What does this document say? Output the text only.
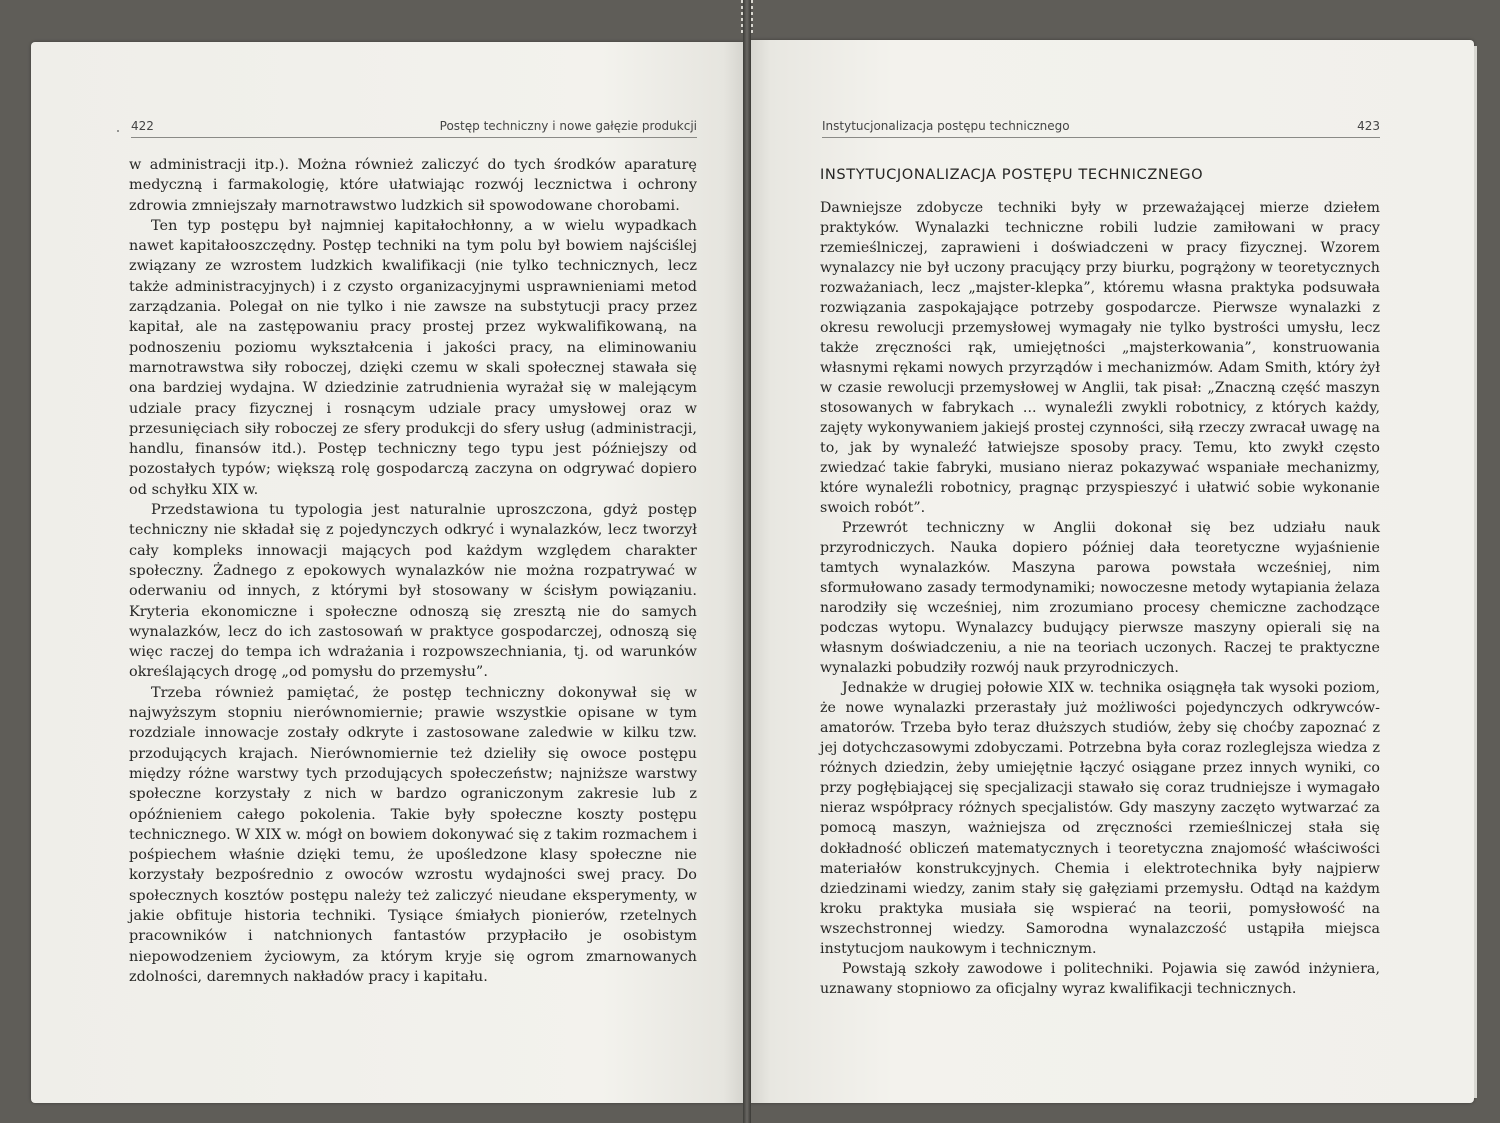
422	Postęp techniczny i nowe gałęzie produkcji

w administracji itp.). Można również zaliczyć do tych środków aparaturę medyczną i farmakologię, które ułatwiając rozwój lecznictwa i ochrony zdrowia zmniejszały marnotrawstwo ludzkich sił spowodowane chorobami.

Ten typ postępu był najmniej kapitałochłonny, a w wielu wypadkach nawet kapitałooszczędny. Postęp techniki na tym polu był bowiem najściślej związany ze wzrostem ludzkich kwalifikacji (nie tylko technicznych, lecz także administracyjnych) i z czysto organizacyjnymi usprawnieniami metod zarządzania. Polegał on nie tylko i nie zawsze na substytucji pracy przez kapitał, ale na zastępowaniu pracy prostej przez wykwalifikowaną, na podnoszeniu poziomu wykształcenia i jakości pracy, na eliminowaniu marnotrawstwa siły roboczej, dzięki czemu w skali społecznej stawała się ona bardziej wydajna. W dziedzinie zatrudnienia wyrażał się w malejącym udziale pracy fizycznej i rosnącym udziale pracy umysłowej oraz w przesunięciach siły roboczej ze sfery produkcji do sfery usług (administracji, handlu, finansów itd.). Postęp techniczny tego typu jest późniejszy od pozostałych typów; większą rolę gospodarczą zaczyna on odgrywać dopiero od schyłku XIX w.

Przedstawiona tu typologia jest naturalnie uproszczona, gdyż postęp techniczny nie składał się z pojedynczych odkryć i wynalazków, lecz tworzył cały kompleks innowacji mających pod każdym względem charakter społeczny. Żadnego z epokowych wynalazków nie można rozpatrywać w oderwaniu od innych, z którymi był stosowany w ścisłym powiązaniu. Kryteria ekonomiczne i społeczne odnoszą się zresztą nie do samych wynalazków, lecz do ich zastosowań w praktyce gospodarczej, odnoszą się więc raczej do tempa ich wdrażania i rozpowszechniania, tj. od warunków określających drogę „od pomysłu do przemysłu”.

Trzeba również pamiętać, że postęp techniczny dokonywał się w najwyższym stopniu nierównomiernie; prawie wszystkie opisane w tym rozdziale innowacje zostały odkryte i zastosowane zaledwie w kilku tzw. przodujących krajach. Nierównomiernie też dzieliły się owoce postępu między różne warstwy tych przodujących społeczeństw; najniższe warstwy społeczne korzystały z nich w bardzo ograniczonym zakresie lub z opóźnieniem całego pokolenia. Takie były społeczne koszty postępu technicznego. W XIX w. mógł on bowiem dokonywać się z takim rozmachem i pośpiechem właśnie dzięki temu, że upośledzone klasy społeczne nie korzystały bezpośrednio z owoców wzrostu wydajności swej pracy. Do społecznych kosztów postępu należy też zaliczyć nieudane eksperymenty, w jakie obfituje historia techniki. Tysiące śmiałych pionierów, rzetelnych pracowników i natchnionych fantastów przypłaciło je osobistym niepowodzeniem życiowym, za którym kryje się ogrom zmarnowanych zdolności, daremnych nakładów pracy i kapitału.

Instytucjonalizacja postępu technicznego	423
INSTYTUCJONALIZACJA POSTĘPU TECHNICZNEGO

Dawniejsze zdobycze techniki były w przeważającej mierze dziełem praktyków. Wynalazki techniczne robili ludzie zamiłowani w pracy rzemieślniczej, zaprawieni i doświadczeni w pracy fizycznej. Wzorem wynalazcy nie był uczony pracujący przy biurku, pogrążony w teoretycznych rozważaniach, lecz „majster-klepka”, któremu własna praktyka podsuwała rozwiązania zaspokajające potrzeby gospodarcze. Pierwsze wynalazki z okresu rewolucji przemysłowej wymagały nie tylko bystrości umysłu, lecz także zręczności rąk, umiejętności „majsterkowania”, konstruowania własnymi rękami nowych przyrządów i mechanizmów. Adam Smith, który żył w czasie rewolucji przemysłowej w Anglii, tak pisał: „Znaczną część maszyn stosowanych w fabrykach ... wynaleźli zwykli robotnicy, z których każdy, zajęty wykonywaniem jakiejś prostej czynności, siłą rzeczy zwracał uwagę na to, jak by wynaleźć łatwiejsze sposoby pracy. Temu, kto zwykł często zwiedzać takie fabryki, musiano nieraz pokazywać wspaniałe mechanizmy, które wynaleźli robotnicy, pragnąc przyspieszyć i ułatwić sobie wykonanie swoich robót”.

Przewrót techniczny w Anglii dokonał się bez udziału nauk przyrodniczych. Nauka dopiero później dała teoretyczne wyjaśnienie tamtych wynalazków. Maszyna parowa powstała wcześniej, nim sformułowano zasady termodynamiki; nowoczesne metody wytapiania żelaza narodziły się wcześniej, nim zrozumiano procesy chemiczne zachodzące podczas wytopu. Wynalazcy budujący pierwsze maszyny opierali się na własnym doświadczeniu, a nie na teoriach uczonych. Raczej te praktyczne wynalazki pobudziły rozwój nauk przyrodniczych.

Jednakże w drugiej połowie XIX w. technika osiągnęła tak wysoki poziom, że nowe wynalazki przerastały już możliwości pojedynczych odkrywców-amatorów. Trzeba było teraz dłuższych studiów, żeby się choćby zapoznać z jej dotychczasowymi zdobyczami. Potrzebna była coraz rozleglejsza wiedza z różnych dziedzin, żeby umiejętnie łączyć osiągane przez innych wyniki, co przy pogłębiającej się specjalizacji stawało się coraz trudniejsze i wymagało nieraz współpracy różnych specjalistów. Gdy maszyny zaczęto wytwarzać za pomocą maszyn, ważniejsza od zręczności rzemieślniczej stała się dokładność obliczeń matematycznych i teoretyczna znajomość właściwości materiałów konstrukcyjnych. Chemia i elektrotechnika były najpierw dziedzinami wiedzy, zanim stały się gałęziami przemysłu. Odtąd na każdym kroku praktyka musiała się wspierać na teorii, pomysłowość na wszechstronnej wiedzy. Samorodna wynalazczość ustąpiła miejsca instytucjom naukowym i technicznym.

Powstają szkoły zawodowe i politechniki. Pojawia się zawód inżyniera, uznawany stopniowo za oficjalny wyraz kwalifikacji technicznych.
